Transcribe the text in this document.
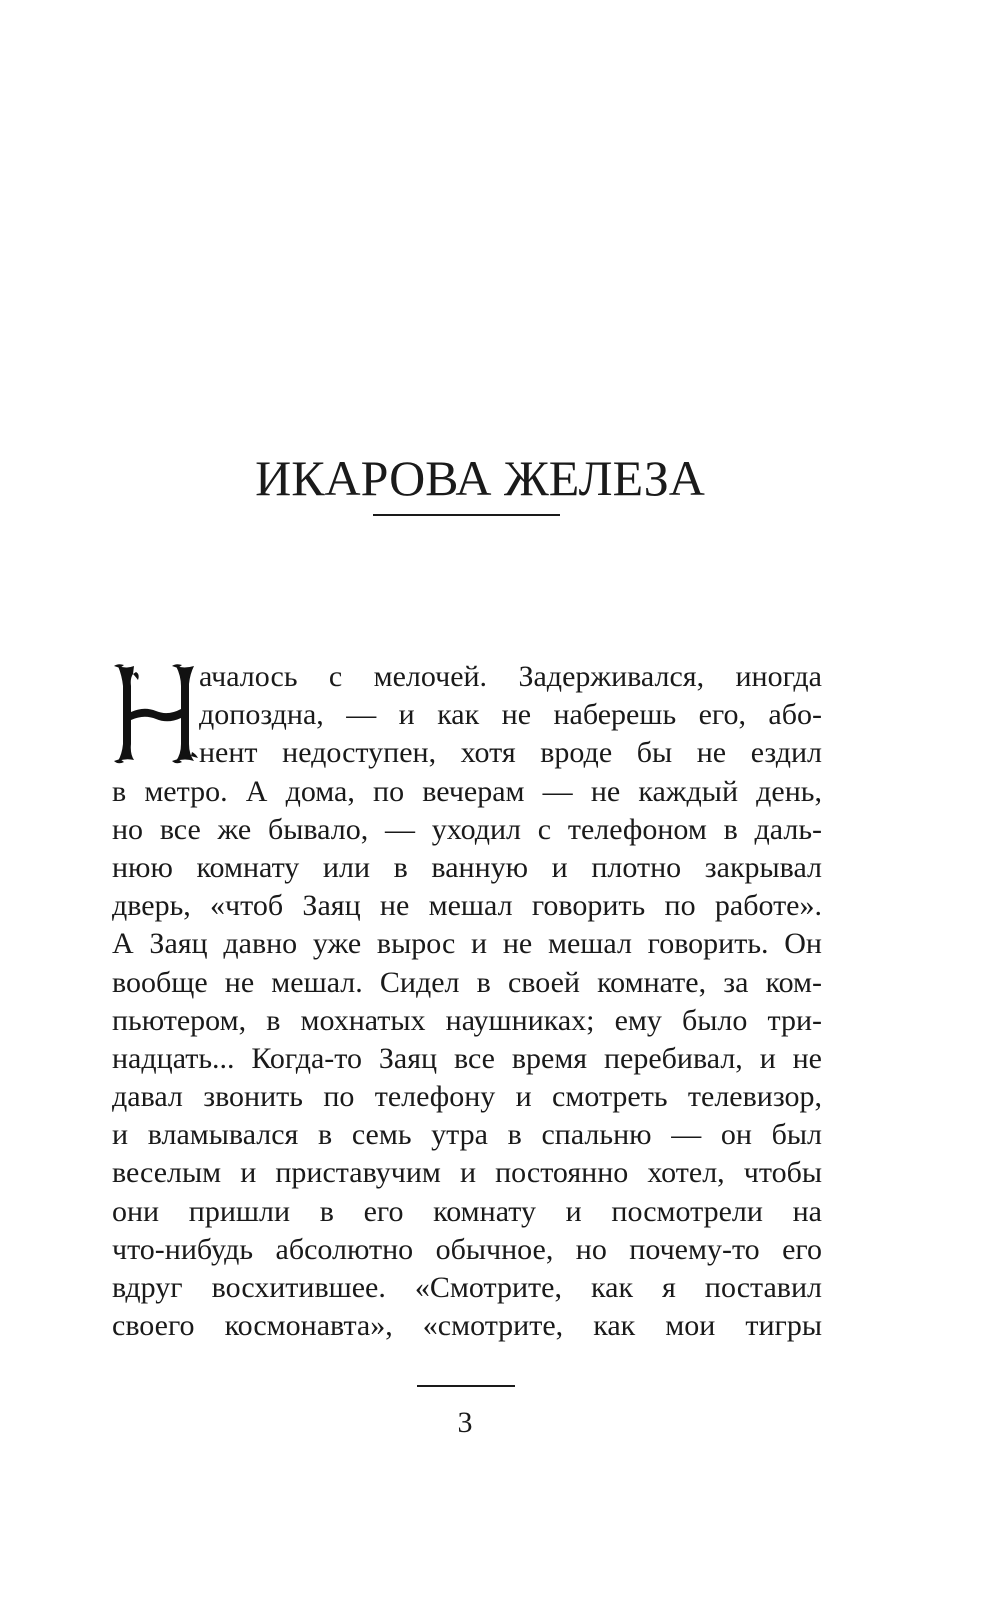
ИКАРОВА ЖЕЛЕЗА
ачалось с мелочей. Задерживался, иногда
допоздна, — и как не наберешь его, або-
нент недоступен, хотя вроде бы не ездил
в метро. А дома, по вечерам — не каждый день,
но все же бывало, — уходил с телефоном в даль-
нюю комнату или в ванную и плотно закрывал
дверь, «чтоб Заяц не мешал говорить по работе».
А Заяц давно уже вырос и не мешал говорить. Он
вообще не мешал. Сидел в своей комнате, за ком-
пьютером, в мохнатых наушниках; ему было три-
надцать... Когда-то Заяц все время перебивал, и не
давал звонить по телефону и смотреть телевизор,
и вламывался в семь утра в спальню — он был
веселым и приставучим и постоянно хотел, чтобы
они пришли в его комнату и посмотрели на
что-нибудь абсолютно обычное, но почему-то его
вдруг восхитившее. «Смотрите, как я поставил
своего космонавта», «смотрите, как мои тигры
3
